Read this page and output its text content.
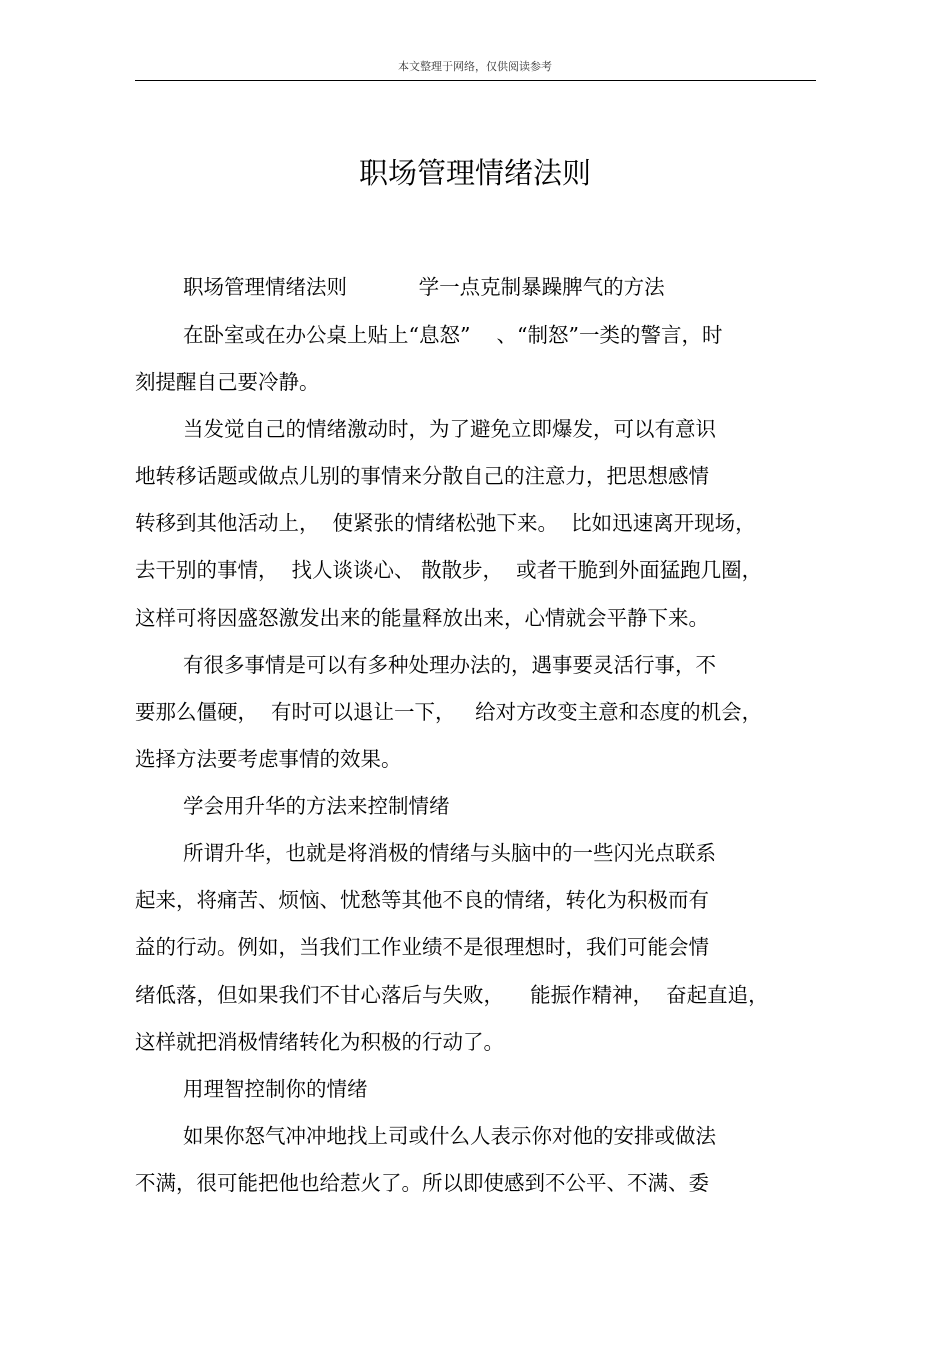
本文整理于网络，仅供阅读参考
职场管理情绪法则
职场管理情绪法则           学一点克制暴躁脾气的方法
在卧室或在办公桌上贴上“息怒”    、“制怒”一类的警言，时
刻提醒自己要冷静。
当发觉自己的情绪激动时，为了避免立即爆发，可以有意识
地转移话题或做点儿别的事情来分散自己的注意力，把思想感情
转移到其他活动上，  使紧张的情绪松弛下来。  比如迅速离开现场，
去干别的事情，  找人谈谈心、 散散步，  或者干脆到外面猛跑几圈，
这样可将因盛怒激发出来的能量释放出来，心情就会平静下来。
有很多事情是可以有多种处理办法的，遇事要灵活行事，不
要那么僵硬，  有时可以退让一下，   给对方改变主意和态度的机会，
选择方法要考虑事情的效果。
学会用升华的方法来控制情绪
所谓升华，也就是将消极的情绪与头脑中的一些闪光点联系
起来，将痛苦、烦恼、忧愁等其他不良的情绪，转化为积极而有
益的行动。例如，当我们工作业绩不是很理想时，我们可能会情
绪低落，但如果我们不甘心落后与失败，    能振作精神，  奋起直追，
这样就把消极情绪转化为积极的行动了。
用理智控制你的情绪
如果你怒气冲冲地找上司或什么人表示你对他的安排或做法
不满，很可能把他也给惹火了。所以即使感到不公平、不满、委
